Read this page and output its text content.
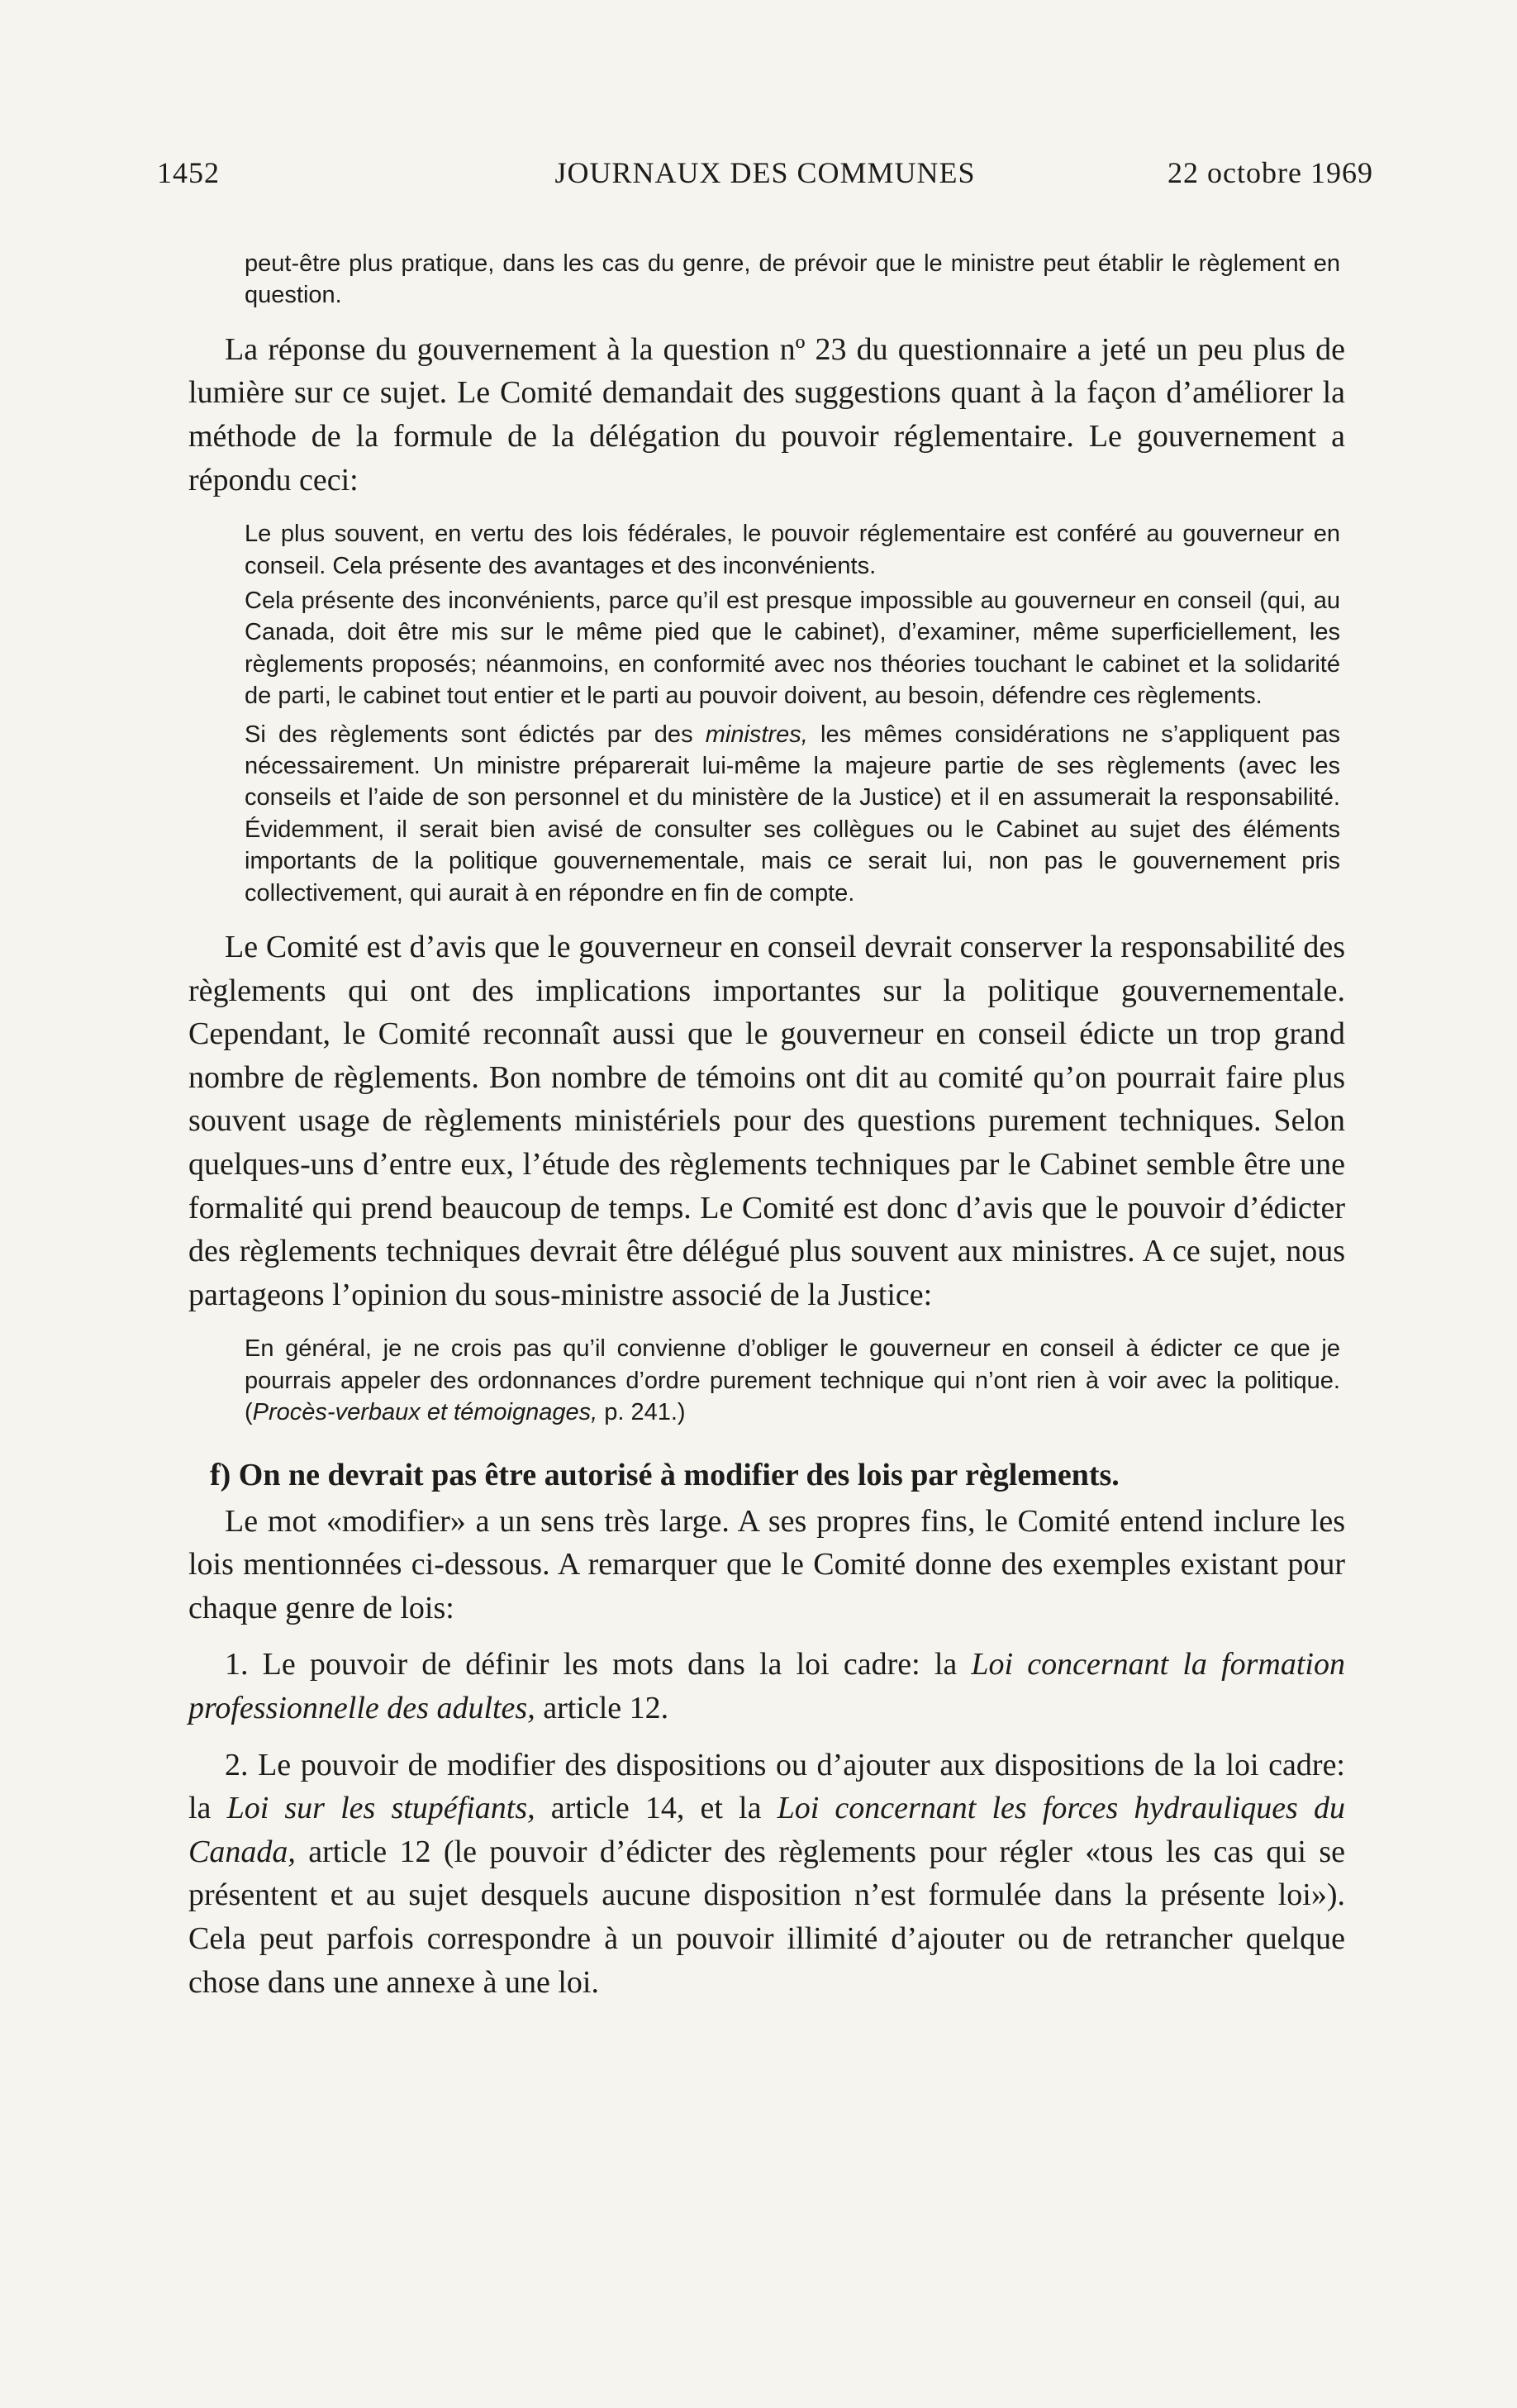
1452	JOURNAUX DES COMMUNES	22 octobre 1969

peut-être plus pratique, dans les cas du genre, de prévoir que le ministre peut établir le règlement en question.

La réponse du gouvernement à la question nº 23 du questionnaire a jeté un peu plus de lumière sur ce sujet. Le Comité demandait des suggestions quant à la façon d’améliorer la méthode de la formule de la délégation du pouvoir réglementaire. Le gouvernement a répondu ceci:

Le plus souvent, en vertu des lois fédérales, le pouvoir réglementaire est conféré au gouverneur en conseil. Cela présente des avantages et des inconvénients.

Cela présente des inconvénients, parce qu’il est presque impossible au gouverneur en conseil (qui, au Canada, doit être mis sur le même pied que le cabinet), d’examiner, même superficiellement, les règlements proposés; néanmoins, en conformité avec nos théories touchant le cabinet et la solidarité de parti, le cabinet tout entier et le parti au pouvoir doivent, au besoin, défendre ces règlements.

Si des règlements sont édictés par des ministres, les mêmes considérations ne s’appliquent pas nécessairement. Un ministre préparerait lui-même la majeure partie de ses règlements (avec les conseils et l’aide de son personnel et du ministère de la Justice) et il en assumerait la responsabilité. Évidemment, il serait bien avisé de consulter ses collègues ou le Cabinet au sujet des éléments importants de la politique gouvernementale, mais ce serait lui, non pas le gouvernement pris collectivement, qui aurait à en répondre en fin de compte.

Le Comité est d’avis que le gouverneur en conseil devrait conserver la responsabilité des règlements qui ont des implications importantes sur la politique gouvernementale. Cependant, le Comité reconnaît aussi que le gouverneur en conseil édicte un trop grand nombre de règlements. Bon nombre de témoins ont dit au comité qu’on pourrait faire plus souvent usage de règlements ministériels pour des questions purement techniques. Selon quelques-uns d’entre eux, l’étude des règlements techniques par le Cabinet semble être une formalité qui prend beaucoup de temps. Le Comité est donc d’avis que le pouvoir d’édicter des règlements techniques devrait être délégué plus souvent aux ministres. A ce sujet, nous partageons l’opinion du sous-ministre associé de la Justice:

En général, je ne crois pas qu’il convienne d’obliger le gouverneur en conseil à édicter ce que je pourrais appeler des ordonnances d’ordre purement technique qui n’ont rien à voir avec la politique. (Procès-verbaux et témoignages, p. 241.)

f) On ne devrait pas être autorisé à modifier des lois par règlements.

Le mot «modifier» a un sens très large. A ses propres fins, le Comité entend inclure les lois mentionnées ci-dessous. A remarquer que le Comité donne des exemples existant pour chaque genre de lois:

1. Le pouvoir de définir les mots dans la loi cadre: la Loi concernant la formation professionnelle des adultes, article 12.

2. Le pouvoir de modifier des dispositions ou d’ajouter aux dispositions de la loi cadre: la Loi sur les stupéfiants, article 14, et la Loi concernant les forces hydrauliques du Canada, article 12 (le pouvoir d’édicter des règlements pour régler «tous les cas qui se présentent et au sujet desquels aucune disposition n’est formulée dans la présente loi»). Cela peut parfois correspondre à un pouvoir illimité d’ajouter ou de retrancher quelque chose dans une annexe à une loi.
